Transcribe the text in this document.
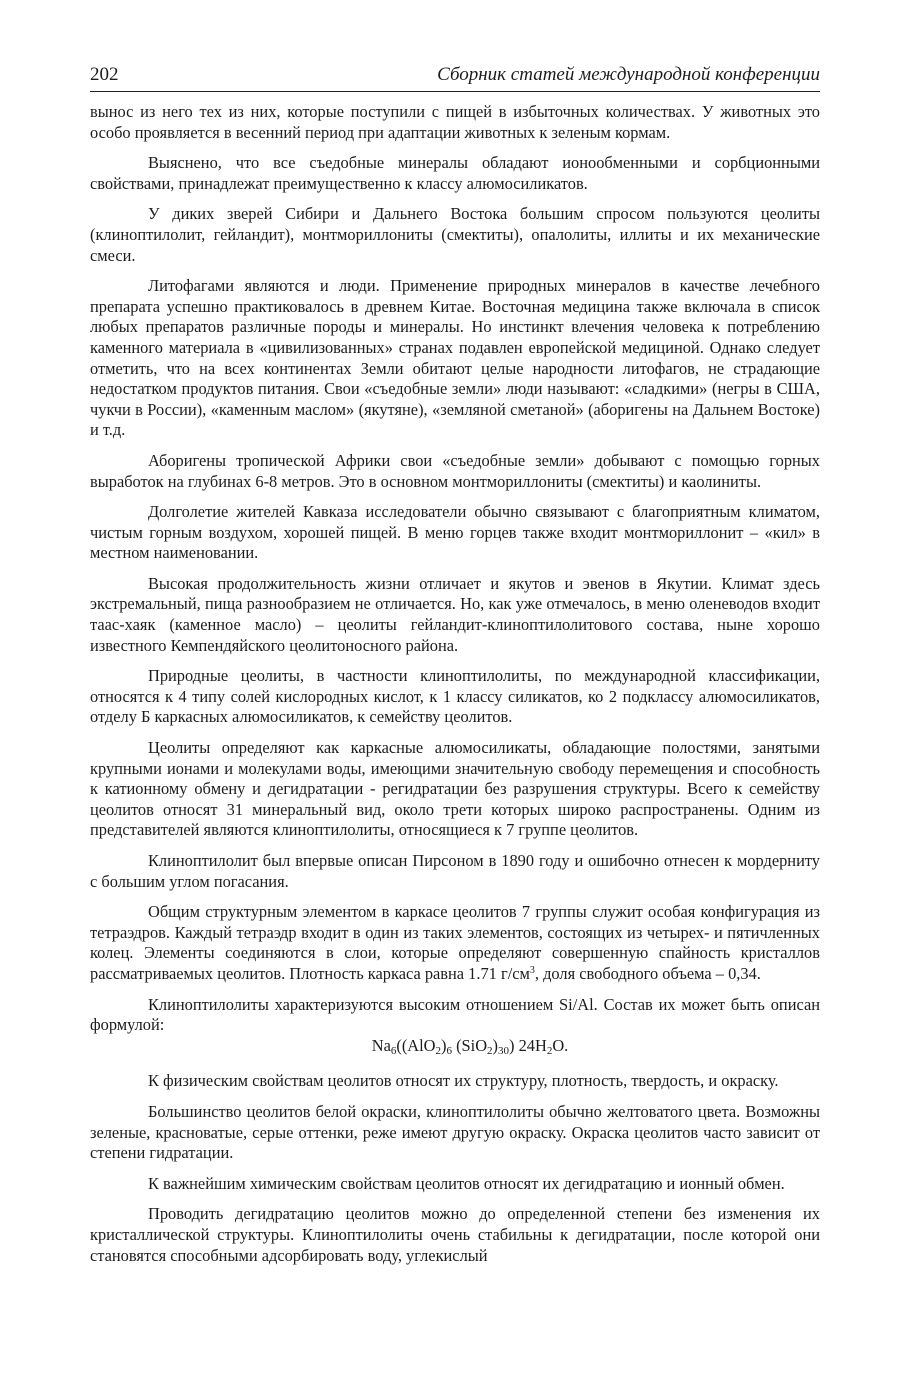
202	Сборник статей международной конференции

вынос из него тех из них, которые поступили с пищей в избыточных количествах. У животных это особо проявляется в весенний период при адаптации животных к зеленым кормам.

Выяснено, что все съедобные минералы обладают ионообменными и сорбционными свойствами, принадлежат преимущественно к классу алюмосиликатов.

У диких зверей Сибири и Дальнего Востока большим спросом пользуются цеолиты (клиноптилолит, гейландит), монтмориллониты (смектиты), опалолиты, иллиты и их механические смеси.

Литофагами являются и люди. Применение природных минералов в качестве лечебного препарата успешно практиковалось в древнем Китае. Восточная медицина также включала в список любых препаратов различные породы и минералы. Но инстинкт влечения человека к потреблению каменного материала в «цивилизованных» странах подавлен европейской медициной. Однако следует отметить, что на всех континентах Земли обитают целые народности литофагов, не страдающие недостатком продуктов питания. Свои «съедобные земли» люди называют: «сладкими» (негры в США, чукчи в России), «каменным маслом» (якутяне), «земляной сметаной» (аборигены на Дальнем Востоке) и т.д.

Аборигены тропической Африки свои «съедобные земли» добывают с помощью горных выработок на глубинах 6-8 метров. Это в основном монтмориллониты (смектиты) и каолиниты.

Долголетие жителей Кавказа исследователи обычно связывают с благоприятным климатом, чистым горным воздухом, хорошей пищей. В меню горцев также входит монтмориллонит – «кил» в местном наименовании.

Высокая продолжительность жизни отличает и якутов и эвенов в Якутии. Климат здесь экстремальный, пища разнообразием не отличается. Но, как уже отмечалось, в меню оленеводов входит таас-хаяк (каменное масло) – цеолиты гейландит-клиноптилолитового состава, ныне хорошо известного Кемпендяйского цеолитоносного района.

Природные цеолиты, в частности клиноптилолиты, по международной классификации, относятся к 4 типу солей кислородных кислот, к 1 классу силикатов, ко 2 подклассу алюмосиликатов, отделу Б каркасных алюмосиликатов, к семейству цеолитов.

Цеолиты определяют как каркасные алюмосиликаты, обладающие полостями, занятыми крупными ионами и молекулами воды, имеющими значительную свободу перемещения и способность к катионному обмену и дегидратации - регидратации без разрушения структуры. Всего к семейству цеолитов относят 31 минеральный вид, около трети которых широко распространены. Одним из представителей являются клиноптилолиты, относящиеся к 7 группе цеолитов.

Клиноптилолит был впервые описан Пирсоном в 1890 году и ошибочно отнесен к мордерниту с большим углом погасания.

Общим структурным элементом в каркасе цеолитов 7 группы служит особая конфигурация из тетраэдров. Каждый тетраэдр входит в один из таких элементов, состоящих из четырех- и пятичленных колец. Элементы соединяются в слои, которые определяют совершенную спайность кристаллов рассматриваемых цеолитов. Плотность каркаса равна 1.71 $г/см^3$, доля свободного объема – 0,34.

Клиноптилолиты характеризуются высоким отношением Si/Al. Состав их может быть описан формулой:

$Na_6((AlO_2)_6$ $(SiO_2)_{30}$) $24H_2O$.

К физическим свойствам цеолитов относят их структуру, плотность, твердость, и окраску.

Большинство цеолитов белой окраски, клиноптилолиты обычно желтоватого цвета. Возможны зеленые, красноватые, серые оттенки, реже имеют другую окраску. Окраска цеолитов часто зависит от степени гидратации.

К важнейшим химическим свойствам цеолитов относят их дегидратацию и ионный обмен.

Проводить дегидратацию цеолитов можно до определенной степени без изменения их кристаллической структуры. Клиноптилолиты очень стабильны к дегидратации, после которой они становятся способными адсорбировать воду, углекислый
